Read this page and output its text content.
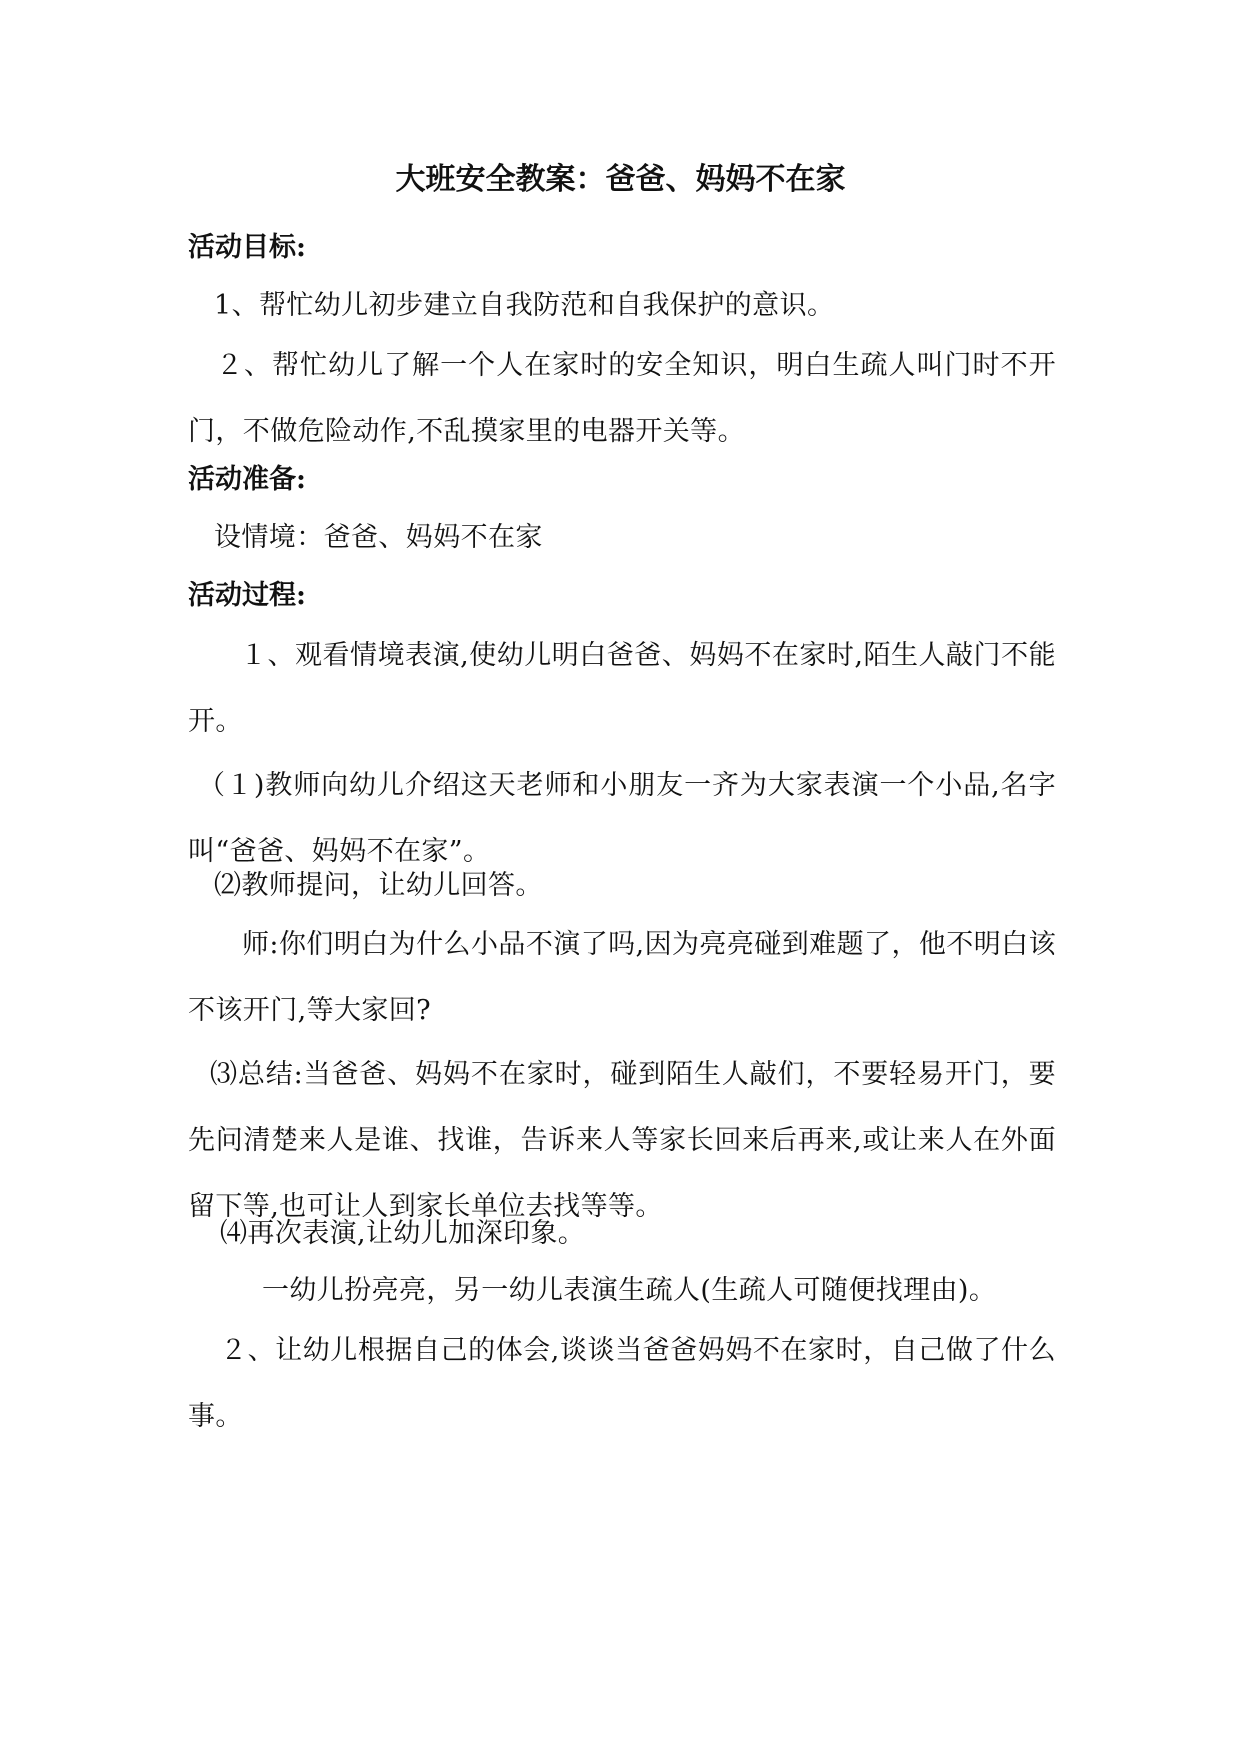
大班安全教案：爸爸、妈妈不在家
活动目标:
1、帮忙幼儿初步建立自我防范和自我保护的意识。
２、帮忙幼儿了解一个人在家时的安全知识，明白生疏人叫门时不开门，不做危险动作,不乱摸家里的电器开关等。
活动准备:
设情境：爸爸、妈妈不在家
活动过程:
１、观看情境表演,使幼儿明白爸爸、妈妈不在家时,陌生人敲门不能开。
（１)教师向幼儿介绍这天老师和小朋友一齐为大家表演一个小品,名字叫“爸爸、妈妈不在家”。
⑵教师提问，让幼儿回答。
师:你们明白为什么小品不演了吗,因为亮亮碰到难题了，他不明白该不该开门,等大家回?
⑶总结:当爸爸、妈妈不在家时，碰到陌生人敲们，不要轻易开门，要先问清楚来人是谁、找谁，告诉来人等家长回来后再来,或让来人在外面留下等,也可让人到家长单位去找等等。
⑷再次表演,让幼儿加深印象。
一幼儿扮亮亮，另一幼儿表演生疏人(生疏人可随便找理由)。
２、让幼儿根据自己的体会,谈谈当爸爸妈妈不在家时，自己做了什么事。
